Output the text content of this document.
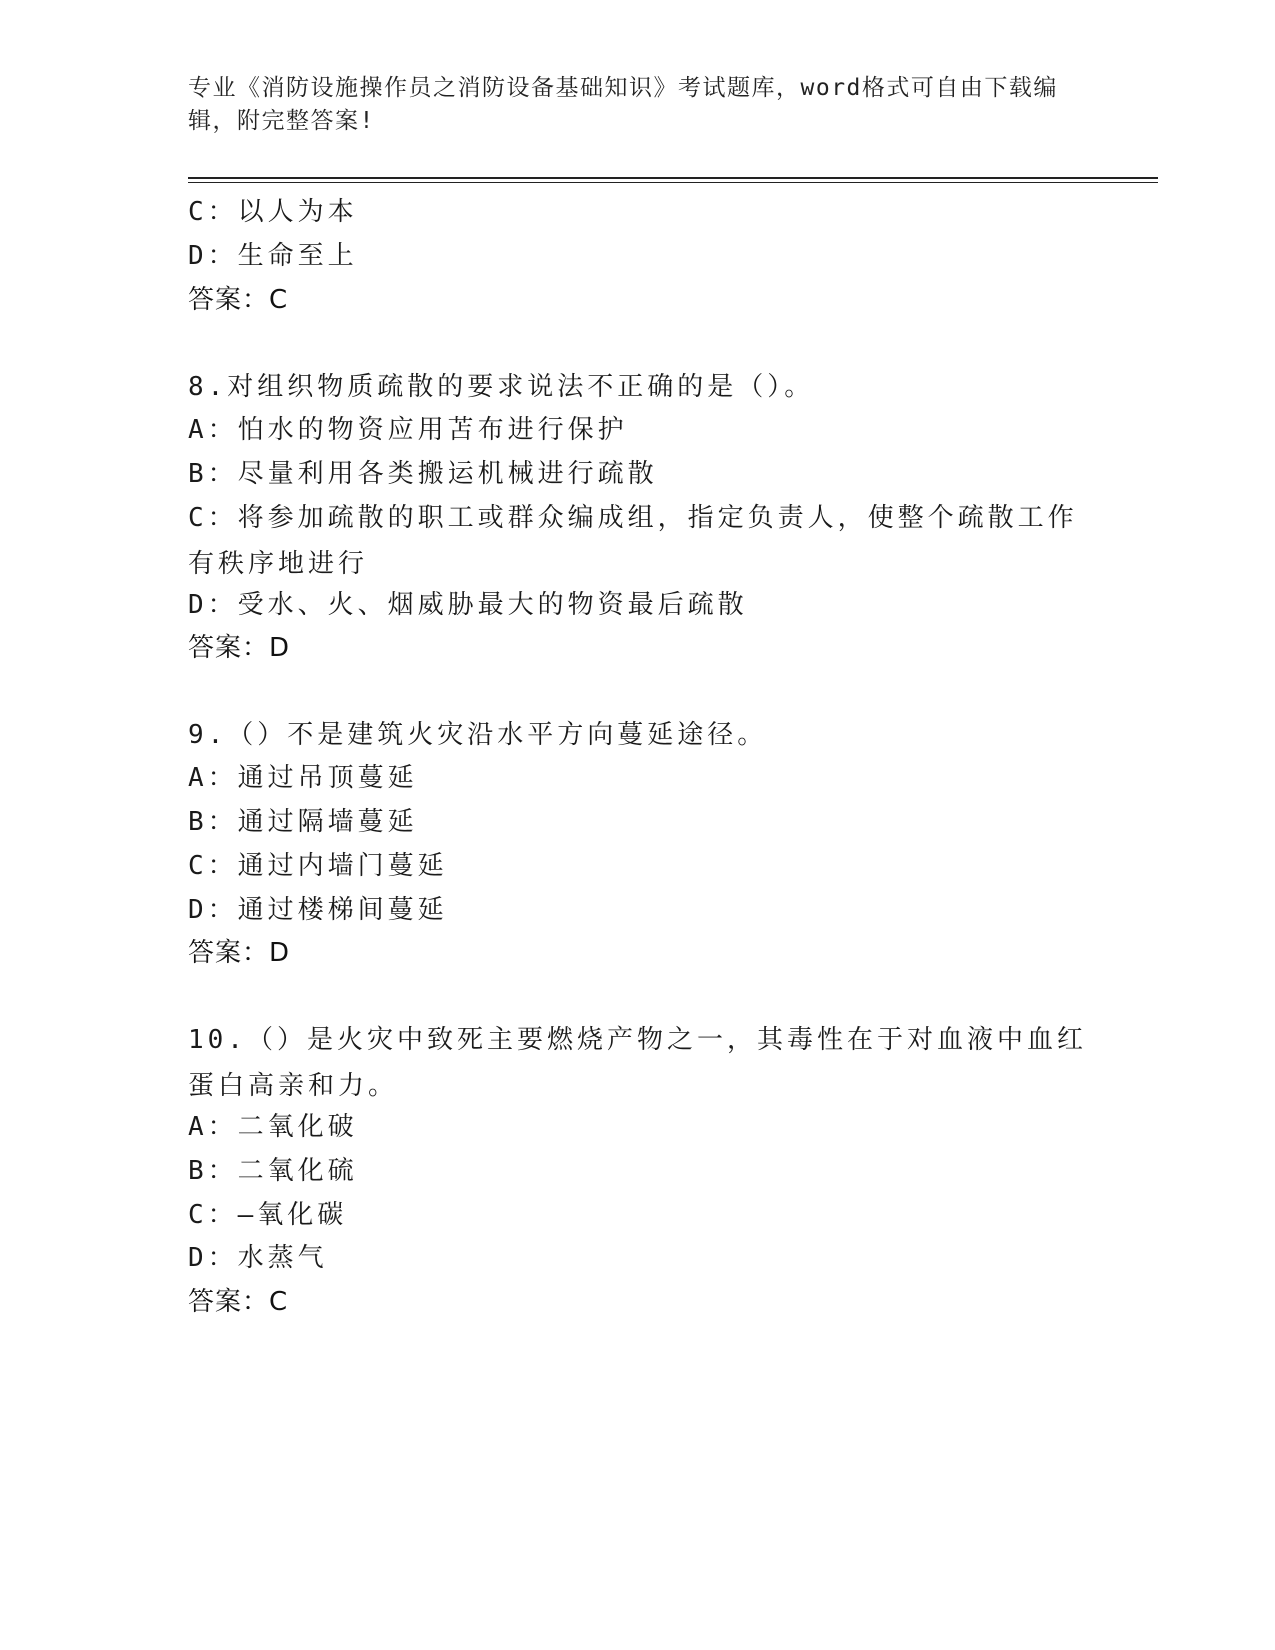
专业《消防设施操作员之消防设备基础知识》考试题库，word格式可自由下载编辑，附完整答案!
C：以人为本
D：生命至上
答案：C
8.对组织物质疏散的要求说法不正确的是（）。
A：怕水的物资应用苫布进行保护
B：尽量利用各类搬运机械进行疏散
C：将参加疏散的职工或群众编成组，指定负责人，使整个疏散工作有秩序地进行
D：受水、火、烟威胁最大的物资最后疏散
答案：D
9.（）不是建筑火灾沿水平方向蔓延途径。
A：通过吊顶蔓延
B：通过隔墙蔓延
C：通过内墙门蔓延
D：通过楼梯间蔓延
答案：D
10.（）是火灾中致死主要燃烧产物之一，其毒性在于对血液中血红蛋白高亲和力。
A：二氧化破
B：二氧化硫
C：—氧化碳
D：水蒸气
答案：C
